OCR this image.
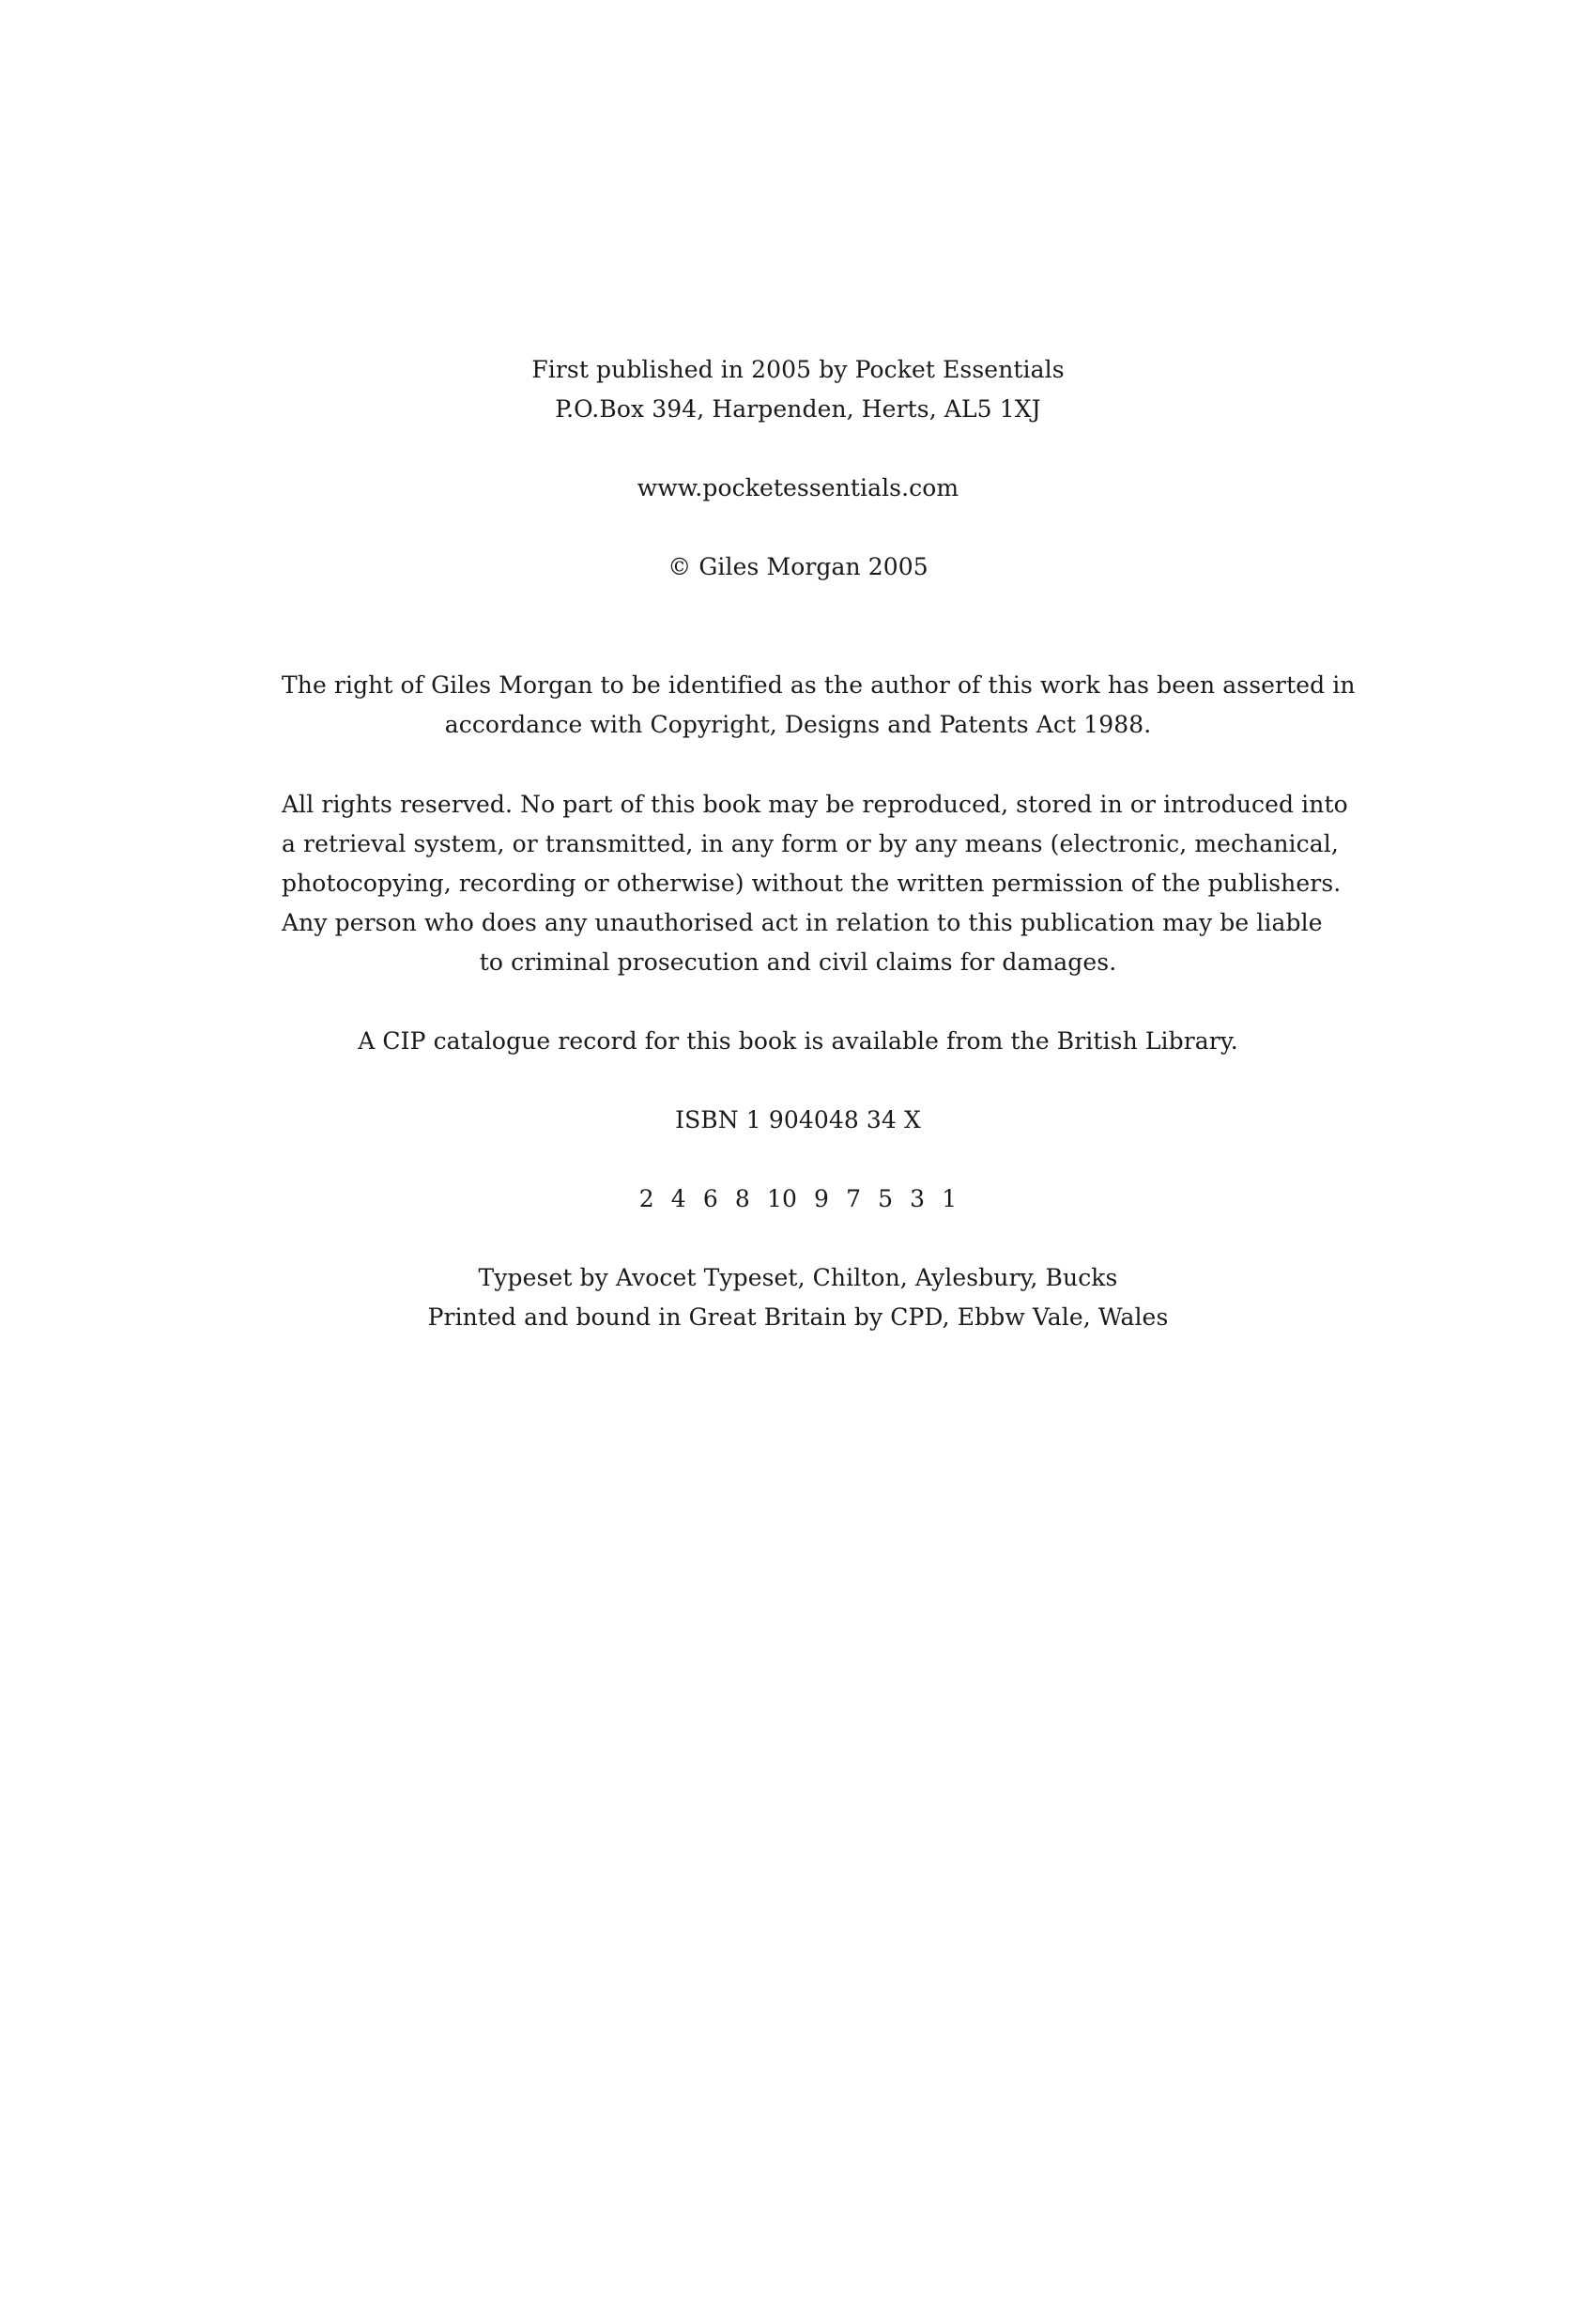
First published in 2005 by Pocket Essentials
P.O.Box 394, Harpenden, Herts, AL5 1XJ
www.pocketessentials.com
© Giles Morgan 2005
The right of Giles Morgan to be identified as the author of this work has been asserted in
accordance with Copyright, Designs and Patents Act 1988.
All rights reserved. No part of this book may be reproduced, stored in or introduced into
a retrieval system, or transmitted, in any form or by any means (electronic, mechanical,
photocopying, recording or otherwise) without the written permission of the publishers.
Any person who does any unauthorised act in relation to this publication may be liable
to criminal prosecution and civil claims for damages.
A CIP catalogue record for this book is available from the British Library.
ISBN 1 904048 34 X
2 4 6 8 10 9 7 5 3 1
Typeset by Avocet Typeset, Chilton, Aylesbury, Bucks
Printed and bound in Great Britain by CPD, Ebbw Vale, Wales
